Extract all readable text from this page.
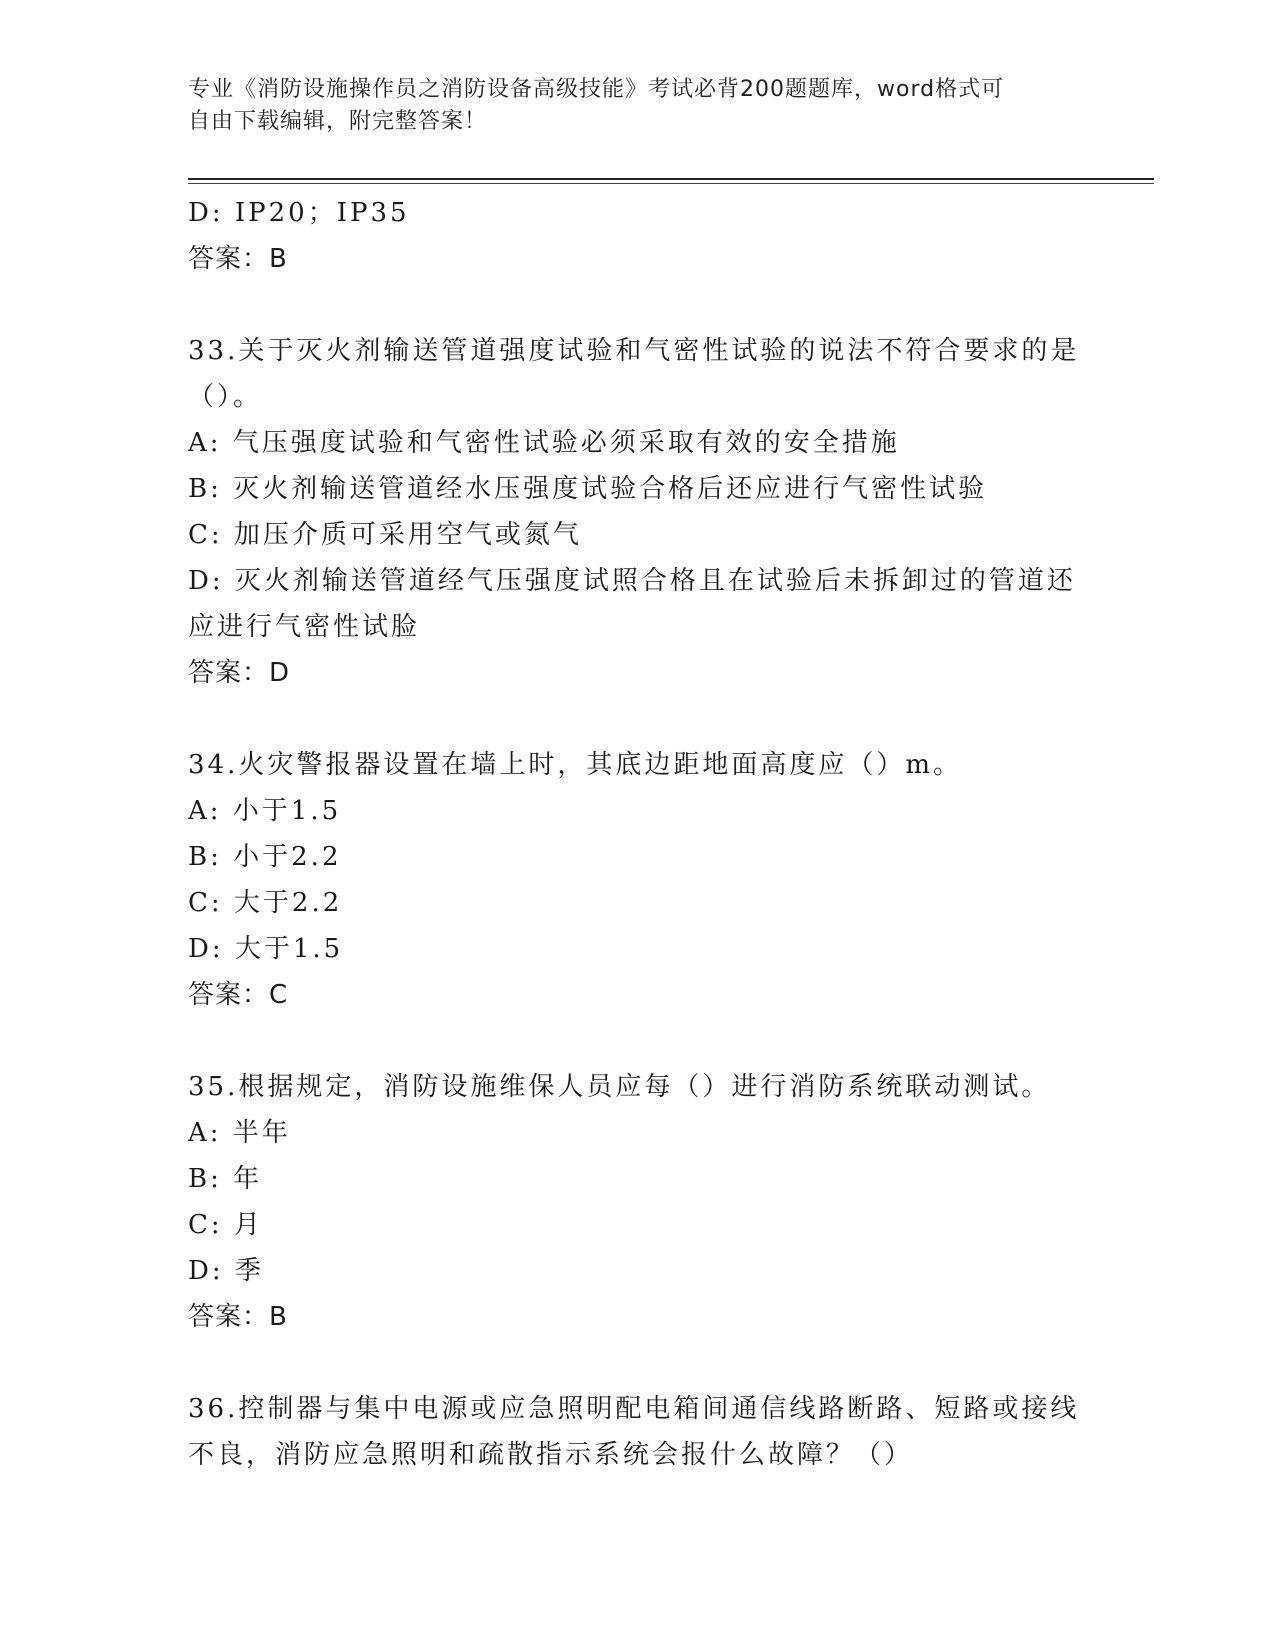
专业《消防设施操作员之消防设备高级技能》考试必背200题题库，word格式可
自由下载编辑，附完整答案！

D: IP20；IP35

答案：B

33.关于灭火剂输送管道强度试验和气密性试验的说法不符合要求的是

（）。

A: 气压强度试验和气密性试验必须采取有效的安全措施

B: 灭火剂输送管道经水压强度试验合格后还应进行气密性试验

C: 加压介质可采用空气或氮气

D: 灭火剂输送管道经气压强度试照合格且在试验后未拆卸过的管道还

应进行气密性试脸

答案：D

34.火灾警报器设置在墙上时，其底边距地面高度应（）m。

A: 小于1.5

B: 小于2.2

C: 大于2.2

D: 大于1.5

答案：C

35.根据规定，消防设施维保人员应每（）进行消防系统联动测试。

A: 半年

B: 年

C: 月

D: 季

答案：B

36.控制器与集中电源或应急照明配电箱间通信线路断路、短路或接线

不良，消防应急照明和疏散指示系统会报什么故障？（）
